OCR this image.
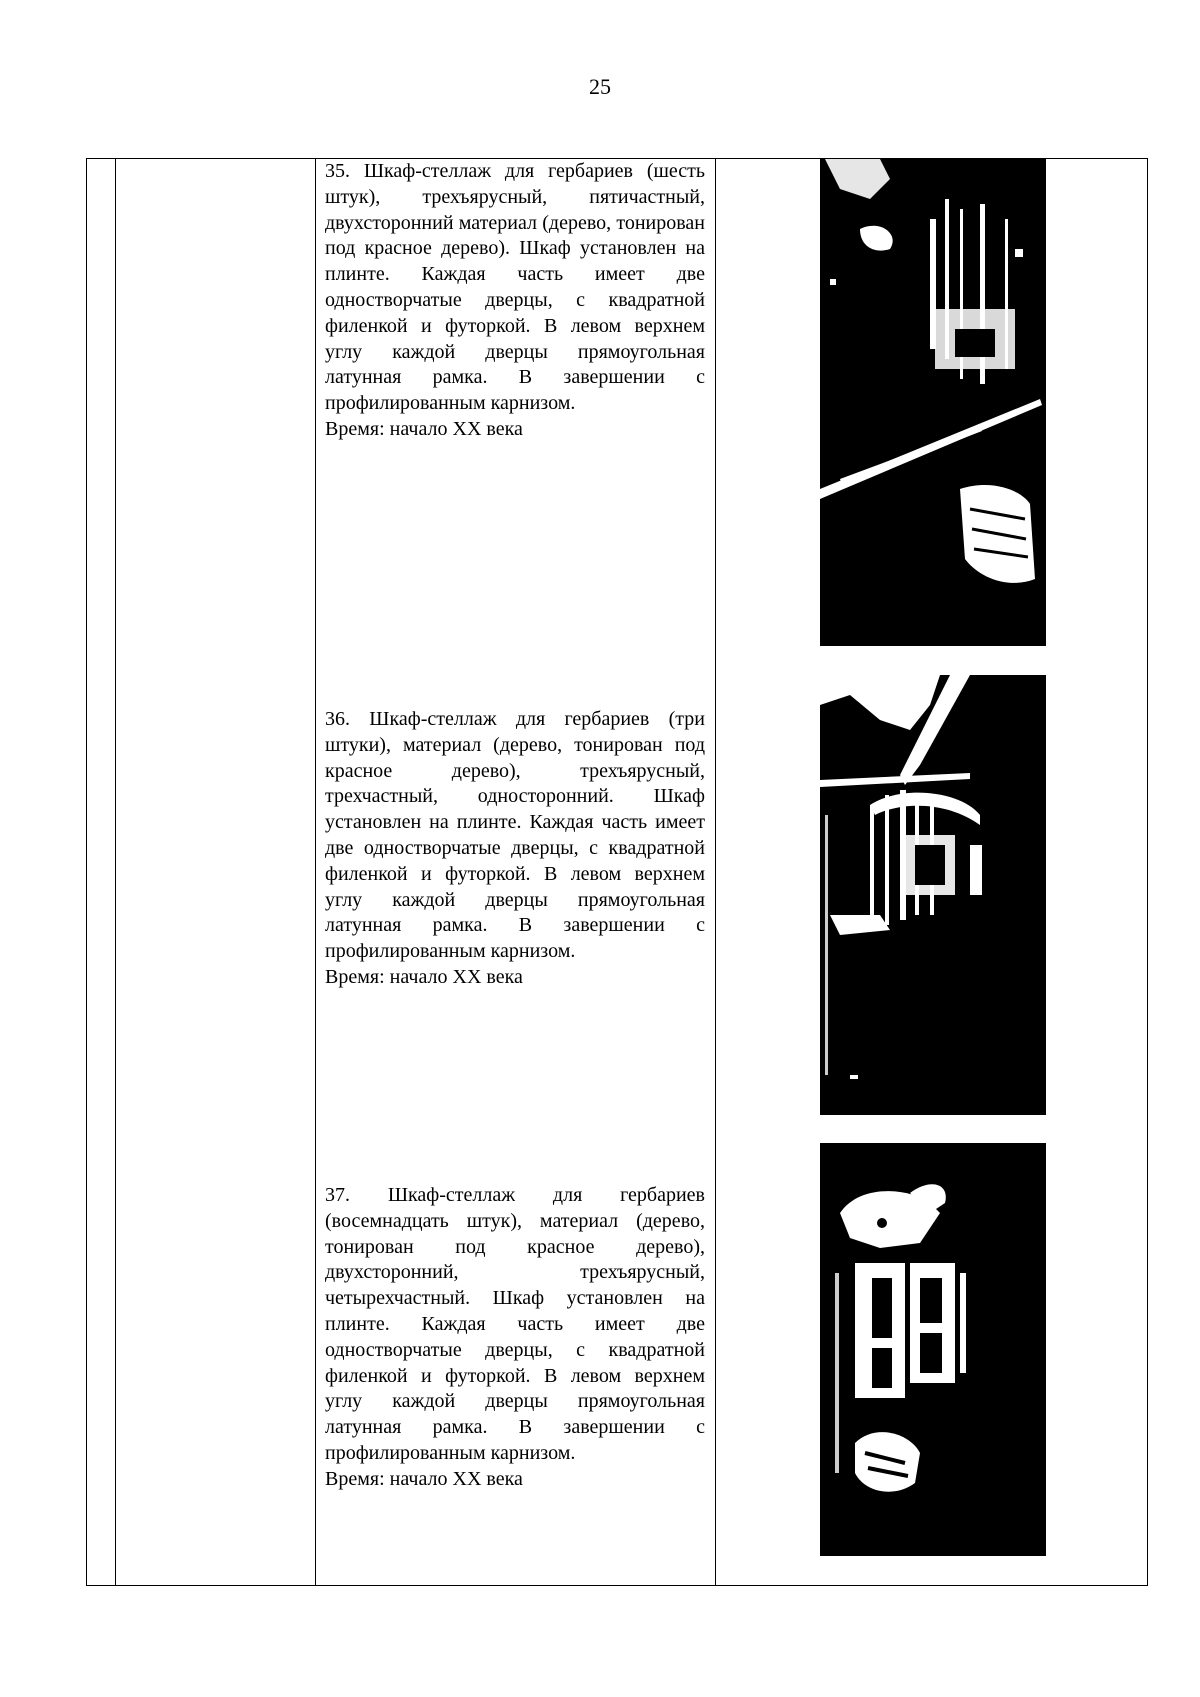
25
35. Шкаф-стеллаж для гербариев (шесть штук), трехъярусный, пятичастный, двухсторонний материал (дерево, тонирован под красное дерево). Шкаф установлен на плинте. Каждая часть имеет две одностворчатые дверцы, с квадратной филенкой и футоркой. В левом верхнем углу каждой дверцы прямоугольная латунная рамка. В завершении с профилированным карнизом.
Время: начало XX века
36. Шкаф-стеллаж для гербариев (три штуки), материал (дерево, тонирован под красное дерево), трехъярусный, трехчастный, односторонний. Шкаф установлен на плинте. Каждая часть имеет две одностворчатые дверцы, с квадратной филенкой и футоркой. В левом верхнем углу каждой дверцы прямоугольная латунная рамка. В завершении с профилированным карнизом.
Время: начало XX века
37. Шкаф-стеллаж для гербариев (восемнадцать штук), материал (дерево, тонирован под красное дерево), двухсторонний, трехъярусный, четырехчастный. Шкаф установлен на плинте. Каждая часть имеет две одностворчатые дверцы, с квадратной филенкой и футоркой. В левом верхнем углу каждой дверцы прямоугольная латунная рамка. В завершении с профилированным карнизом.
Время: начало XX века
